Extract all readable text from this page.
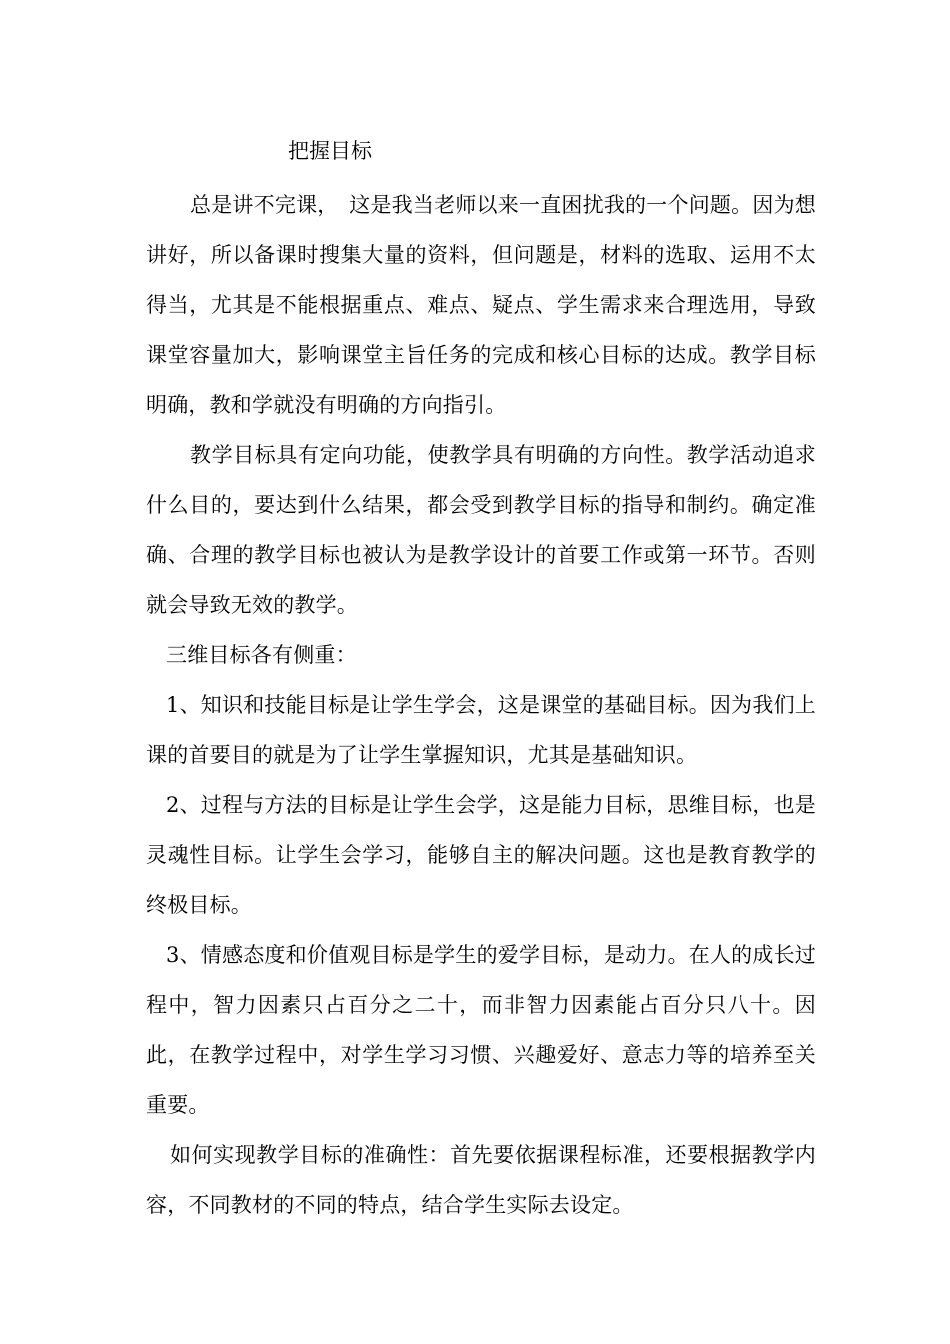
把握目标

总是讲不完课，　这是我当老师以来一直困扰我的一个问题。因为想讲好，所以备课时搜集大量的资料，但问题是，材料的选取、运用不太得当，尤其是不能根据重点、难点、疑点、学生需求来合理选用，导致课堂容量加大，影响课堂主旨任务的完成和核心目标的达成。教学目标明确，教和学就没有明确的方向指引。

教学目标具有定向功能，使教学具有明确的方向性。教学活动追求什么目的，要达到什么结果，都会受到教学目标的指导和制约。确定准确、合理的教学目标也被认为是教学设计的首要工作或第一环节。否则就会导致无效的教学。

三维目标各有侧重：

1、知识和技能目标是让学生学会，这是课堂的基础目标。因为我们上课的首要目的就是为了让学生掌握知识，尤其是基础知识。

2、过程与方法的目标是让学生会学，这是能力目标，思维目标，也是灵魂性目标。让学生会学习，能够自主的解决问题。这也是教育教学的终极目标。

3、情感态度和价值观目标是学生的爱学目标，是动力。在人的成长过程中，智力因素只占百分之二十，而非智力因素能占百分只八十。因此，在教学过程中，对学生学习习惯、兴趣爱好、意志力等的培养至关重要。

如何实现教学目标的准确性：首先要依据课程标准，还要根据教学内容，不同教材的不同的特点，结合学生实际去设定。
